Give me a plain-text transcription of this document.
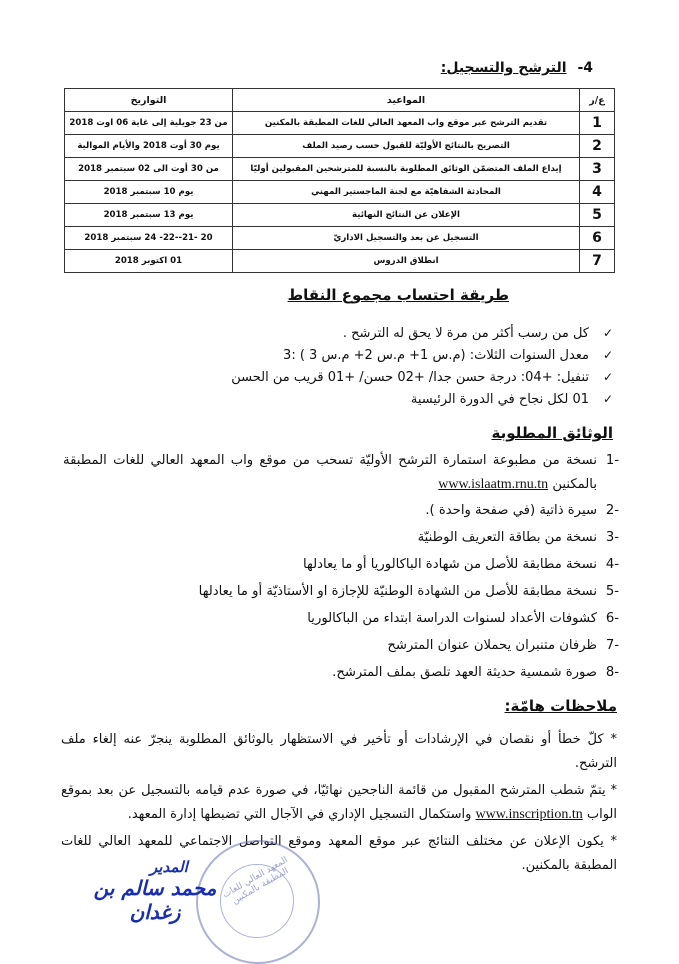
4- الترشح والتسجيل:
ع/ر	المواعيد	التواريخ
1	تقديم الترشح عبر موقع واب المعهد العالي للغات المطبقة بالمكنين	من 23 جويلية إلى غاية 06 اوت 2018
2	التصريح بالنتائج الأوليّة للقبول حسب رصيد الملف	يوم 30 أوت 2018 والأيام الموالية
3	إيداع الملف المتضمّن الوثائق المطلوبة بالنسبة للمترشحين المقبولين أوليّا	من 30 أوت الى 02 سبتمبر 2018
4	المحادثة الشفاهيّة مع لجنة الماجستير المهني	يوم 10 سبتمبر 2018
5	الإعلان عن النتائج النهائية	يوم 13 سبتمبر 2018
6	التسجيل عن بعد والتسجيل الاداريّ	20 -21--22- 24 سبتمبر 2018
7	انطلاق الدروس	01 اكتوبر 2018
طريقة احتساب مجموع النقاط
✓كل من رسب أكثر من مرة لا يحق له الترشح .
✓معدل السنوات الثلاث: (م.س 1+ م.س 2+ م.س 3 ) :3
✓تنفيل: +04: درجة حسن جدا/ +02 حسن/ +01 قريب من الحسن
✓01 لكل نجاح في الدورة الرئيسية
الوثائق المطلوبة
-1
نسخة من مطبوعة استمارة الترشح الأوليّة تسحب من موقع واب المعهد العالي للغات المطبقة بالمكنين www.islaatm.rnu.tn
-2
سيرة ذاتية (في صفحة واحدة ).
-3
نسخة من بطاقة التعريف الوطنيّة
-4
نسخة مطابقة للأصل من شهادة الباكالوريا أو ما يعادلها
-5
نسخة مطابقة للأصل من الشهادة الوطنيّة للإجازة او الأستاذيّة أو ما يعادلها
-6
كشوفات الأعداد لسنوات الدراسة ابتداء من الباكالوريا
-7
ظرفان متنبران يحملان عنوان المترشح
-8
صورة شمسية حديثة العهد تلصق بملف المترشح.
ملاحظات هامّة:

* كلّ خطأ أو نقصان في الإرشادات أو تأخير في الاستظهار بالوثائق المطلوبة ينجرّ عنه إلغاء ملف الترشح.

* يتمّ شطب المترشح المقبول من قائمة الناجحين نهائيّا، في صورة عدم قيامه بالتسجيل عن بعد بموقع الواب www.inscription.tn واستكمال التسجيل الإداري في الآجال التي تضبطها إدارة المعهد.

* يكون الإعلان عن مختلف النتائج عبر موقع المعهد وموقع التواصل الاجتماعي للمعهد العالي للغات المطبقة بالمكنين.

المعهد العالي للغات المطبقة بالمكنين
المدير
محمد سالم بن زغدان
